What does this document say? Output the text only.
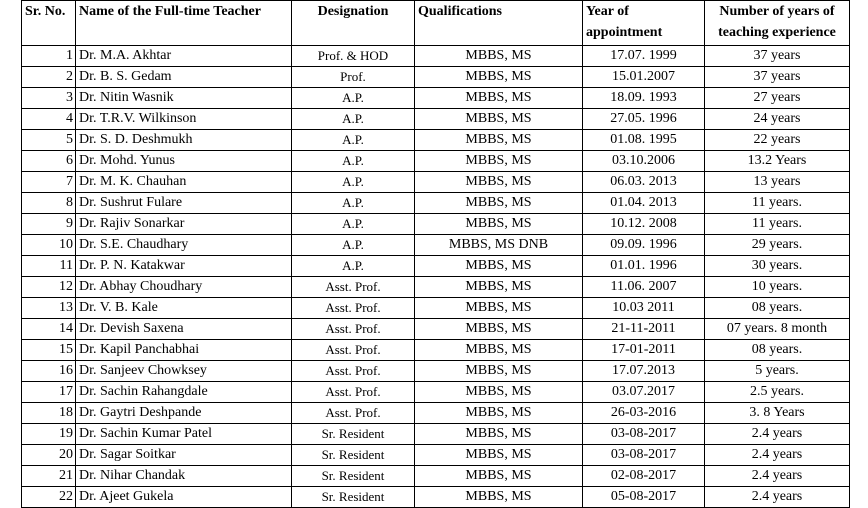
Sr. No.	Name of the Full-time Teacher	Designation	Qualifications	Year of appointment	Number of years of teaching experience
1	Dr. M.A. Akhtar	Prof. & HOD	MBBS, MS	17.07. 1999	37 years
2	Dr. B. S. Gedam	Prof.	MBBS, MS	15.01.2007	37 years
3	Dr. Nitin Wasnik	A.P.	MBBS, MS	18.09. 1993	27 years
4	Dr. T.R.V. Wilkinson	A.P.	MBBS, MS	27.05. 1996	24 years
5	Dr. S. D. Deshmukh	A.P.	MBBS, MS	01.08. 1995	22 years
6	Dr. Mohd. Yunus	A.P.	MBBS, MS	03.10.2006	13.2 Years
7	Dr. M. K. Chauhan	A.P.	MBBS, MS	06.03. 2013	13 years
8	Dr. Sushrut Fulare	A.P.	MBBS, MS	01.04. 2013	11 years.
9	Dr. Rajiv Sonarkar	A.P.	MBBS, MS	10.12. 2008	11 years.
10	Dr. S.E. Chaudhary	A.P.	MBBS, MS DNB	09.09. 1996	29 years.
11	Dr. P. N. Katakwar	A.P.	MBBS, MS	01.01. 1996	30 years.
12	Dr. Abhay Choudhary	Asst. Prof.	MBBS, MS	11.06. 2007	10 years.
13	Dr. V. B. Kale	Asst. Prof.	MBBS, MS	10.03 2011	08 years.
14	Dr. Devish Saxena	Asst. Prof.	MBBS, MS	21-11-2011	07 years. 8 month
15	Dr. Kapil Panchabhai	Asst. Prof.	MBBS, MS	17-01-2011	08 years.
16	Dr. Sanjeev Chowksey	Asst. Prof.	MBBS, MS	17.07.2013	5 years.
17	Dr. Sachin Rahangdale	Asst. Prof.	MBBS, MS	03.07.2017	2.5 years.
18	Dr. Gaytri Deshpande	Asst. Prof.	MBBS, MS	26-03-2016	3. 8 Years
19	Dr. Sachin Kumar Patel	Sr. Resident	MBBS, MS	03-08-2017	2.4 years
20	Dr. Sagar Soitkar	Sr. Resident	MBBS, MS	03-08-2017	2.4 years
21	Dr. Nihar Chandak	Sr. Resident	MBBS, MS	02-08-2017	2.4 years
22	Dr. Ajeet Gukela	Sr. Resident	MBBS, MS	05-08-2017	2.4 years
